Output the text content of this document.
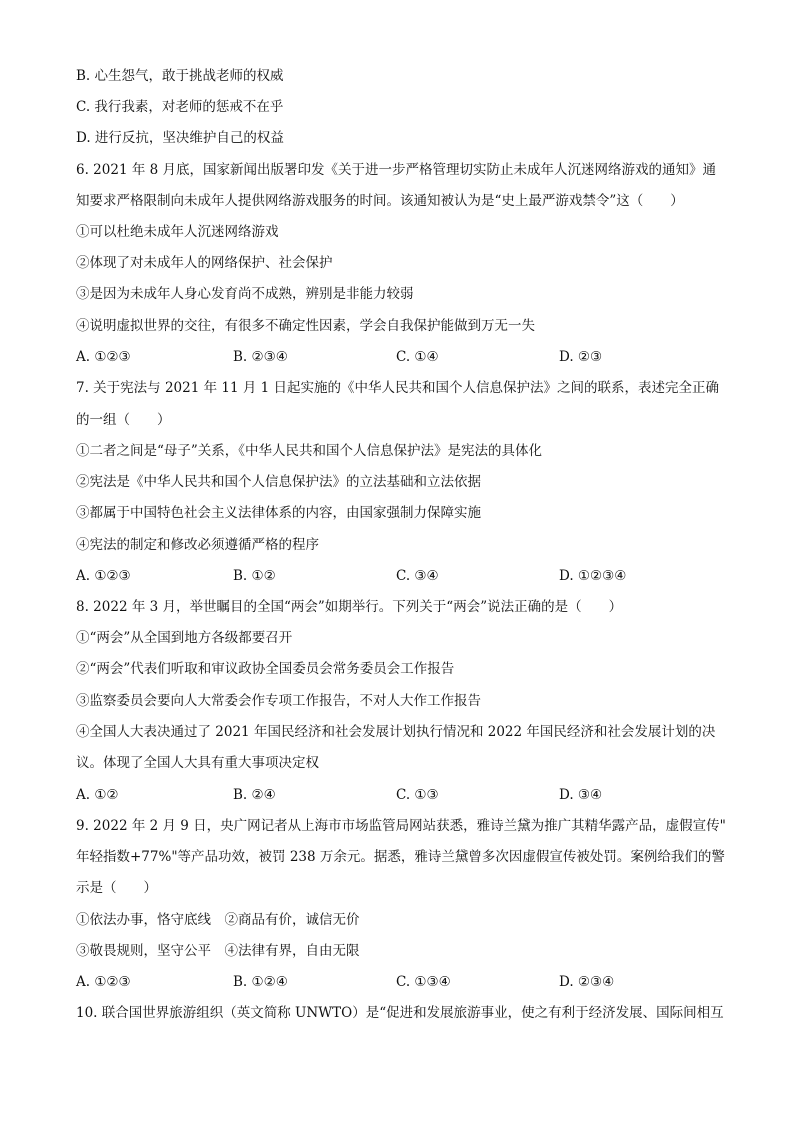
B. 心生怨气，敢于挑战老师的权威
C. 我行我素，对老师的惩戒不在乎
D. 进行反抗，坚决维护自己的权益
6. 2021 年 8 月底，国家新闻出版署印发《关于进一步严格管理切实防止未成年人沉迷网络游戏的通知》通
知要求严格限制向未成年人提供网络游戏服务的时间。该通知被认为是“史上最严游戏禁令”这（　　）
①可以杜绝未成年人沉迷网络游戏
②体现了对未成年人的网络保护、社会保护
③是因为未成年人身心发育尚不成熟，辨别是非能力较弱
④说明虚拟世界的交往，有很多不确定性因素，学会自我保护能做到万无一失
A. ①②③	B. ②③④	C. ①④	D. ②③
7. 关于宪法与 2021 年 11 月 1 日起实施的《中华人民共和国个人信息保护法》之间的联系，表述完全正确
的一组（　　）
①二者之间是“母子”关系，《中华人民共和国个人信息保护法》是宪法的具体化
②宪法是《中华人民共和国个人信息保护法》的立法基础和立法依据
③都属于中国特色社会主义法律体系的内容，由国家强制力保障实施
④宪法的制定和修改必须遵循严格的程序
A. ①②③	B. ①②	C. ③④	D. ①②③④
8. 2022 年 3 月，举世瞩目的全国“两会”如期举行。下列关于“两会”说法正确的是（　　）
①“两会”从全国到地方各级都要召开
②“两会”代表们听取和审议政协全国委员会常务委员会工作报告
③监察委员会要向人大常委会作专项工作报告，不对人大作工作报告
④全国人大表决通过了 2021 年国民经济和社会发展计划执行情况和 2022 年国民经济和社会发展计划的决
议。体现了全国人大具有重大事项决定权
A. ①②	B. ②④	C. ①③	D. ③④
9. 2022 年 2 月 9 日，央广网记者从上海市市场监管局网站获悉，雅诗兰黛为推广其精华露产品，虚假宣传"
年轻指数+77%"等产品功效，被罚 238 万余元。据悉，雅诗兰黛曾多次因虚假宣传被处罚。案例给我们的警
示是（　　）
①依法办事，恪守底线　②商品有价，诚信无价
③敬畏规则，坚守公平　④法律有界，自由无限
A. ①②③	B. ①②④	C. ①③④	D. ②③④
10. 联合国世界旅游组织（英文简称 UNWTO）是“促进和发展旅游事业，使之有利于经济发展、国际间相互
